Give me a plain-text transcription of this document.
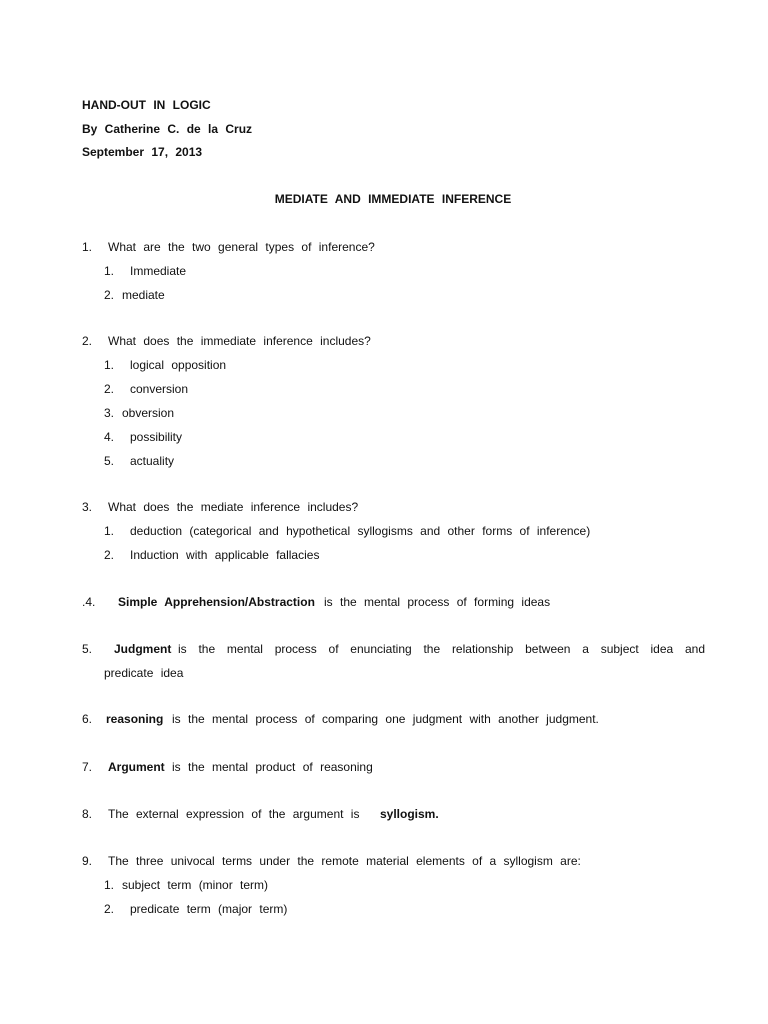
HAND-OUT IN LOGIC
By Catherine C. de la Cruz
September 17, 2013
MEDIATE AND IMMEDIATE INFERENCE
1. What are the two general types of inference?
1. Immediate
2. mediate
2. What does the immediate inference includes?
1. logical opposition
2. conversion
3. obversion
4. possibility
5. actuality
3. What does the mediate inference includes?
1. deduction (categorical and hypothetical syllogisms and other forms of inference)
2. Induction with applicable fallacies
.4. Simple Apprehension/Abstraction is the mental process of forming ideas
5. Judgment is the mental process of enunciating the relationship between a subject idea and
predicate idea
6. reasoning is the mental process of comparing one judgment with another judgment.
7. Argument is the mental product of reasoning
8. The external expression of the argument is syllogism.
9. The three univocal terms under the remote material elements of a syllogism are:
1. subject term (minor term)
2. predicate term (major term)
